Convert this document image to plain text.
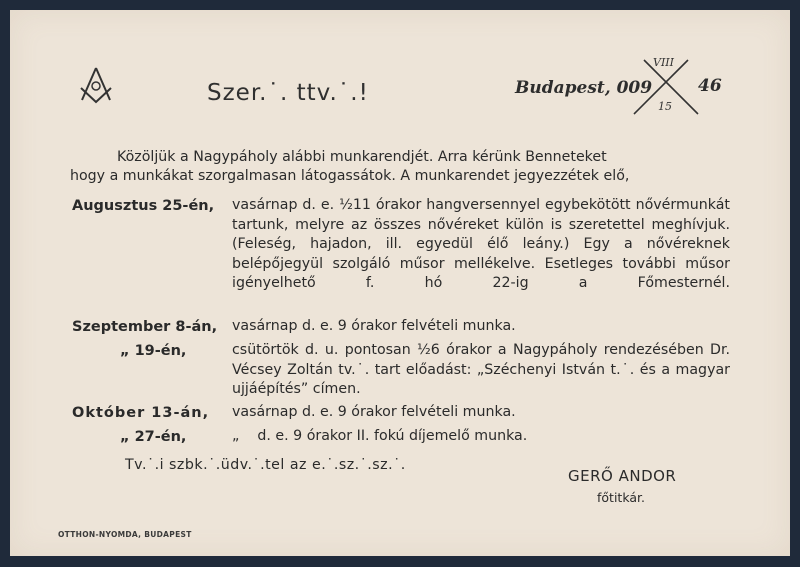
Szer.˙. ttv.˙.!	Budapest, 009
VIII
15
46
Közöljük a Nagypáholy alábbi munkarendjét. Arra kérünk Benneteket
hogy a munkákat szorgalmasan látogassátok. A munkarendet jegyezzétek elő,
Augusztus 25-én, vasárnap d. e. ½11 órakor hangversennyel egybekötött nővérmunkát tartunk, melyre az összes nővéreket külön is szeretettel meghívjuk. (Feleség, hajadon, ill. egyedül élő leány.) Egy a nővéreknek belépőjegyül szolgáló műsor mellékelve. Esetleges további műsor igényelhető f. hó 22-ig a Főmesternél.
Szeptember 8-án, vasárnap d. e. 9 órakor felvételi munka.
„ 19-én,	csütörtök d. u. pontosan ½6 órakor a Nagypáholy rendezésében Dr. Vécsey Zoltán tv.˙. tart előadást: „Széchenyi István t.˙. és a magyar ujjáépítés” címen.
Október 13-án, vasárnap d. e. 9 órakor felvételi munka.
„ 27-én,	„    d. e. 9 órakor II. fokú díjemelő munka.
Tv.˙.i szbk.˙.üdv.˙.tel az e.˙.sz.˙.sz.˙.
GERŐ ANDOR
főtitkár.
OTTHON-NYOMDA, BUDAPEST
